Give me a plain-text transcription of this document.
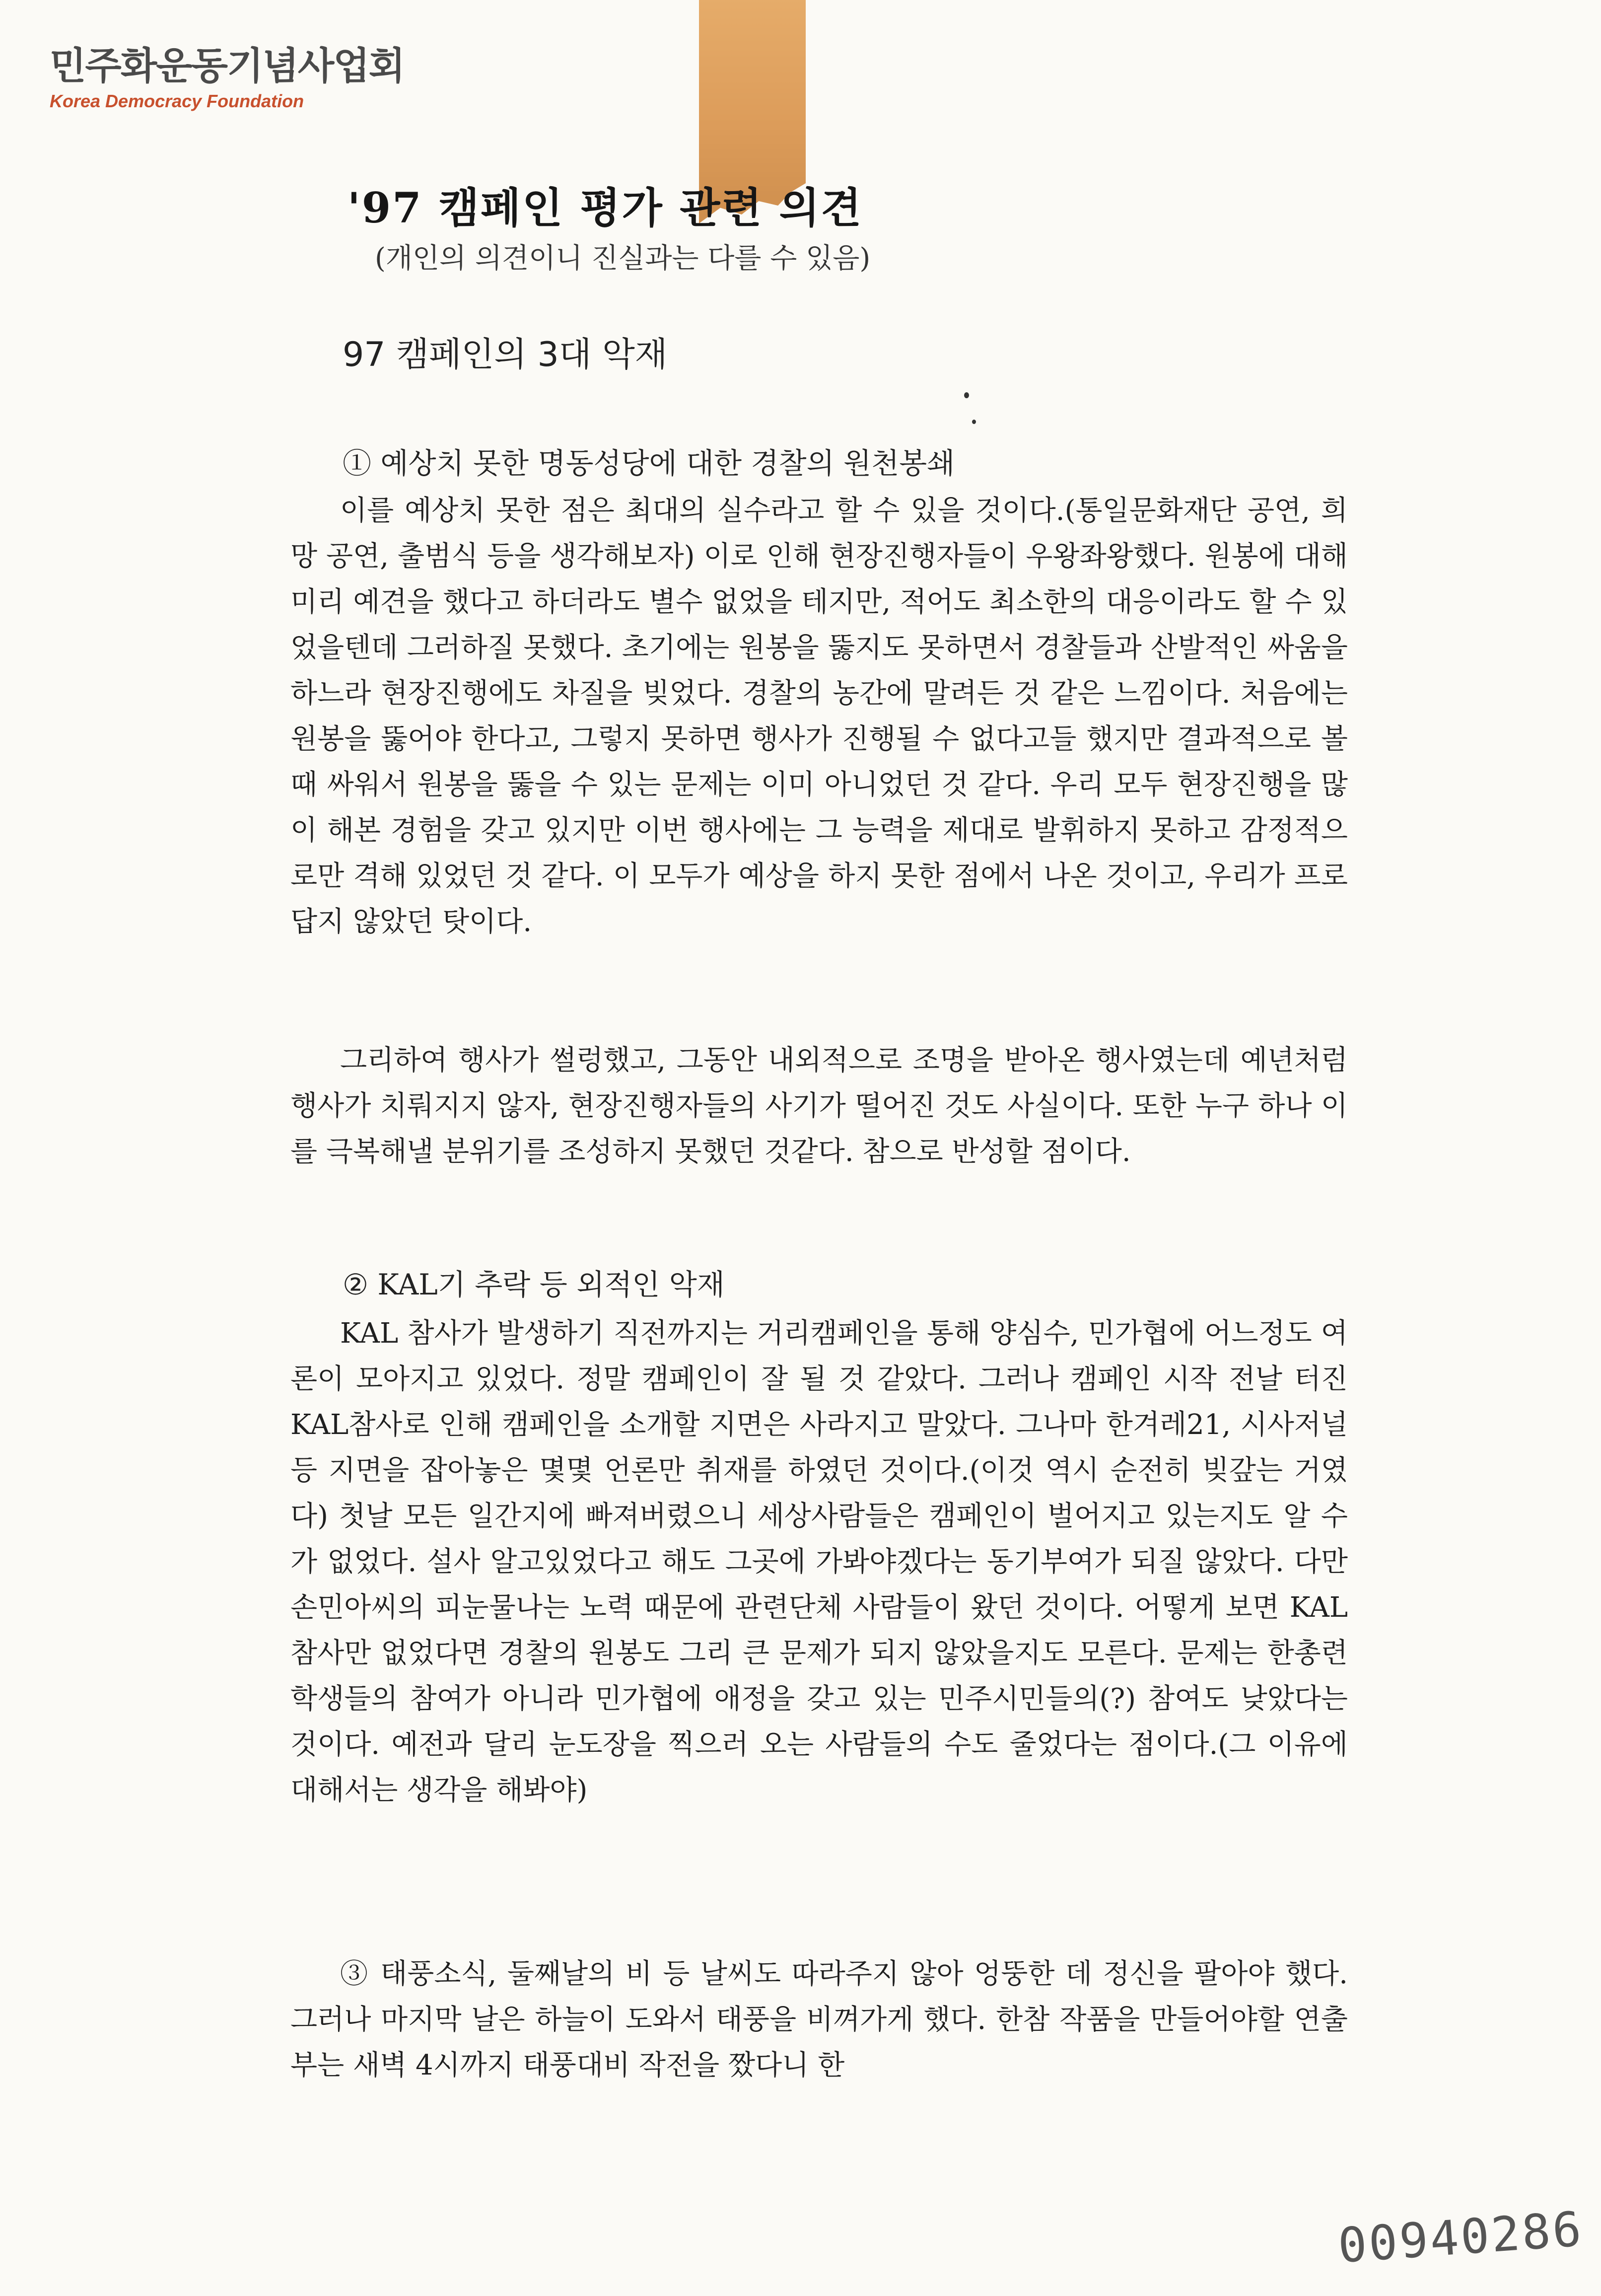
민주화운동기념사업회
Korea Democracy Foundation
'97 캠페인 평가 관련 의견
(개인의 의견이니 진실과는 다를 수 있음)
97 캠페인의 3대 악재
① 예상치 못한 명동성당에 대한 경찰의 원천봉쇄

이를 예상치 못한 점은 최대의 실수라고 할 수 있을 것이다.(통일문화재단 공연, 희망 공연, 출범식 등을 생각해보자) 이로 인해 현장진행자들이 우왕좌왕했다. 원봉에 대해 미리 예견을 했다고 하더라도 별수 없었을 테지만, 적어도 최소한의 대응이라도 할 수 있었을텐데 그러하질 못했다. 초기에는 원봉을 뚫지도 못하면서 경찰들과 산발적인 싸움을 하느라 현장진행에도 차질을 빚었다. 경찰의 농간에 말려든 것 같은 느낌이다. 처음에는 원봉을 뚫어야 한다고, 그렇지 못하면 행사가 진행될 수 없다고들 했지만 결과적으로 볼 때 싸워서 원봉을 뚫을 수 있는 문제는 이미 아니었던 것 같다. 우리 모두 현장진행을 많이 해본 경험을 갖고 있지만 이번 행사에는 그 능력을 제대로 발휘하지 못하고 감정적으로만 격해 있었던 것 같다. 이 모두가 예상을 하지 못한 점에서 나온 것이고, 우리가 프로답지 않았던 탓이다.

그리하여 행사가 썰렁했고, 그동안 내외적으로 조명을 받아온 행사였는데 예년처럼 행사가 치뤄지지 않자, 현장진행자들의 사기가 떨어진 것도 사실이다. 또한 누구 하나 이를 극복해낼 분위기를 조성하지 못했던 것같다. 참으로 반성할 점이다.

② KAL기 추락 등 외적인 악재

KAL 참사가 발생하기 직전까지는 거리캠페인을 통해 양심수, 민가협에 어느정도 여론이 모아지고 있었다. 정말 캠페인이 잘 될 것 같았다. 그러나 캠페인 시작 전날 터진 KAL참사로 인해 캠페인을 소개할 지면은 사라지고 말았다. 그나마 한겨레21, 시사저널 등 지면을 잡아놓은 몇몇 언론만 취재를 하였던 것이다.(이것 역시 순전히 빚갚는 거였다) 첫날 모든 일간지에 빠져버렸으니 세상사람들은 캠페인이 벌어지고 있는지도 알 수가 없었다. 설사 알고있었다고 해도 그곳에 가봐야겠다는 동기부여가 되질 않았다. 다만 손민아씨의 피눈물나는 노력 때문에 관련단체 사람들이 왔던 것이다. 어떻게 보면 KAL참사만 없었다면 경찰의 원봉도 그리 큰 문제가 되지 않았을지도 모른다. 문제는 한총련 학생들의 참여가 아니라 민가협에 애정을 갖고 있는 민주시민들의(?) 참여도 낮았다는 것이다. 예전과 달리 눈도장을 찍으러 오는 사람들의 수도 줄었다는 점이다.(그 이유에 대해서는 생각을 해봐야)

③ 태풍소식, 둘째날의 비 등 날씨도 따라주지 않아 엉뚱한 데 정신을 팔아야 했다. 그러나 마지막 날은 하늘이 도와서 태풍을 비껴가게 했다. 한참 작품을 만들어야할 연출부는 새벽 4시까지 태풍대비 작전을 짰다니 한

00940286
